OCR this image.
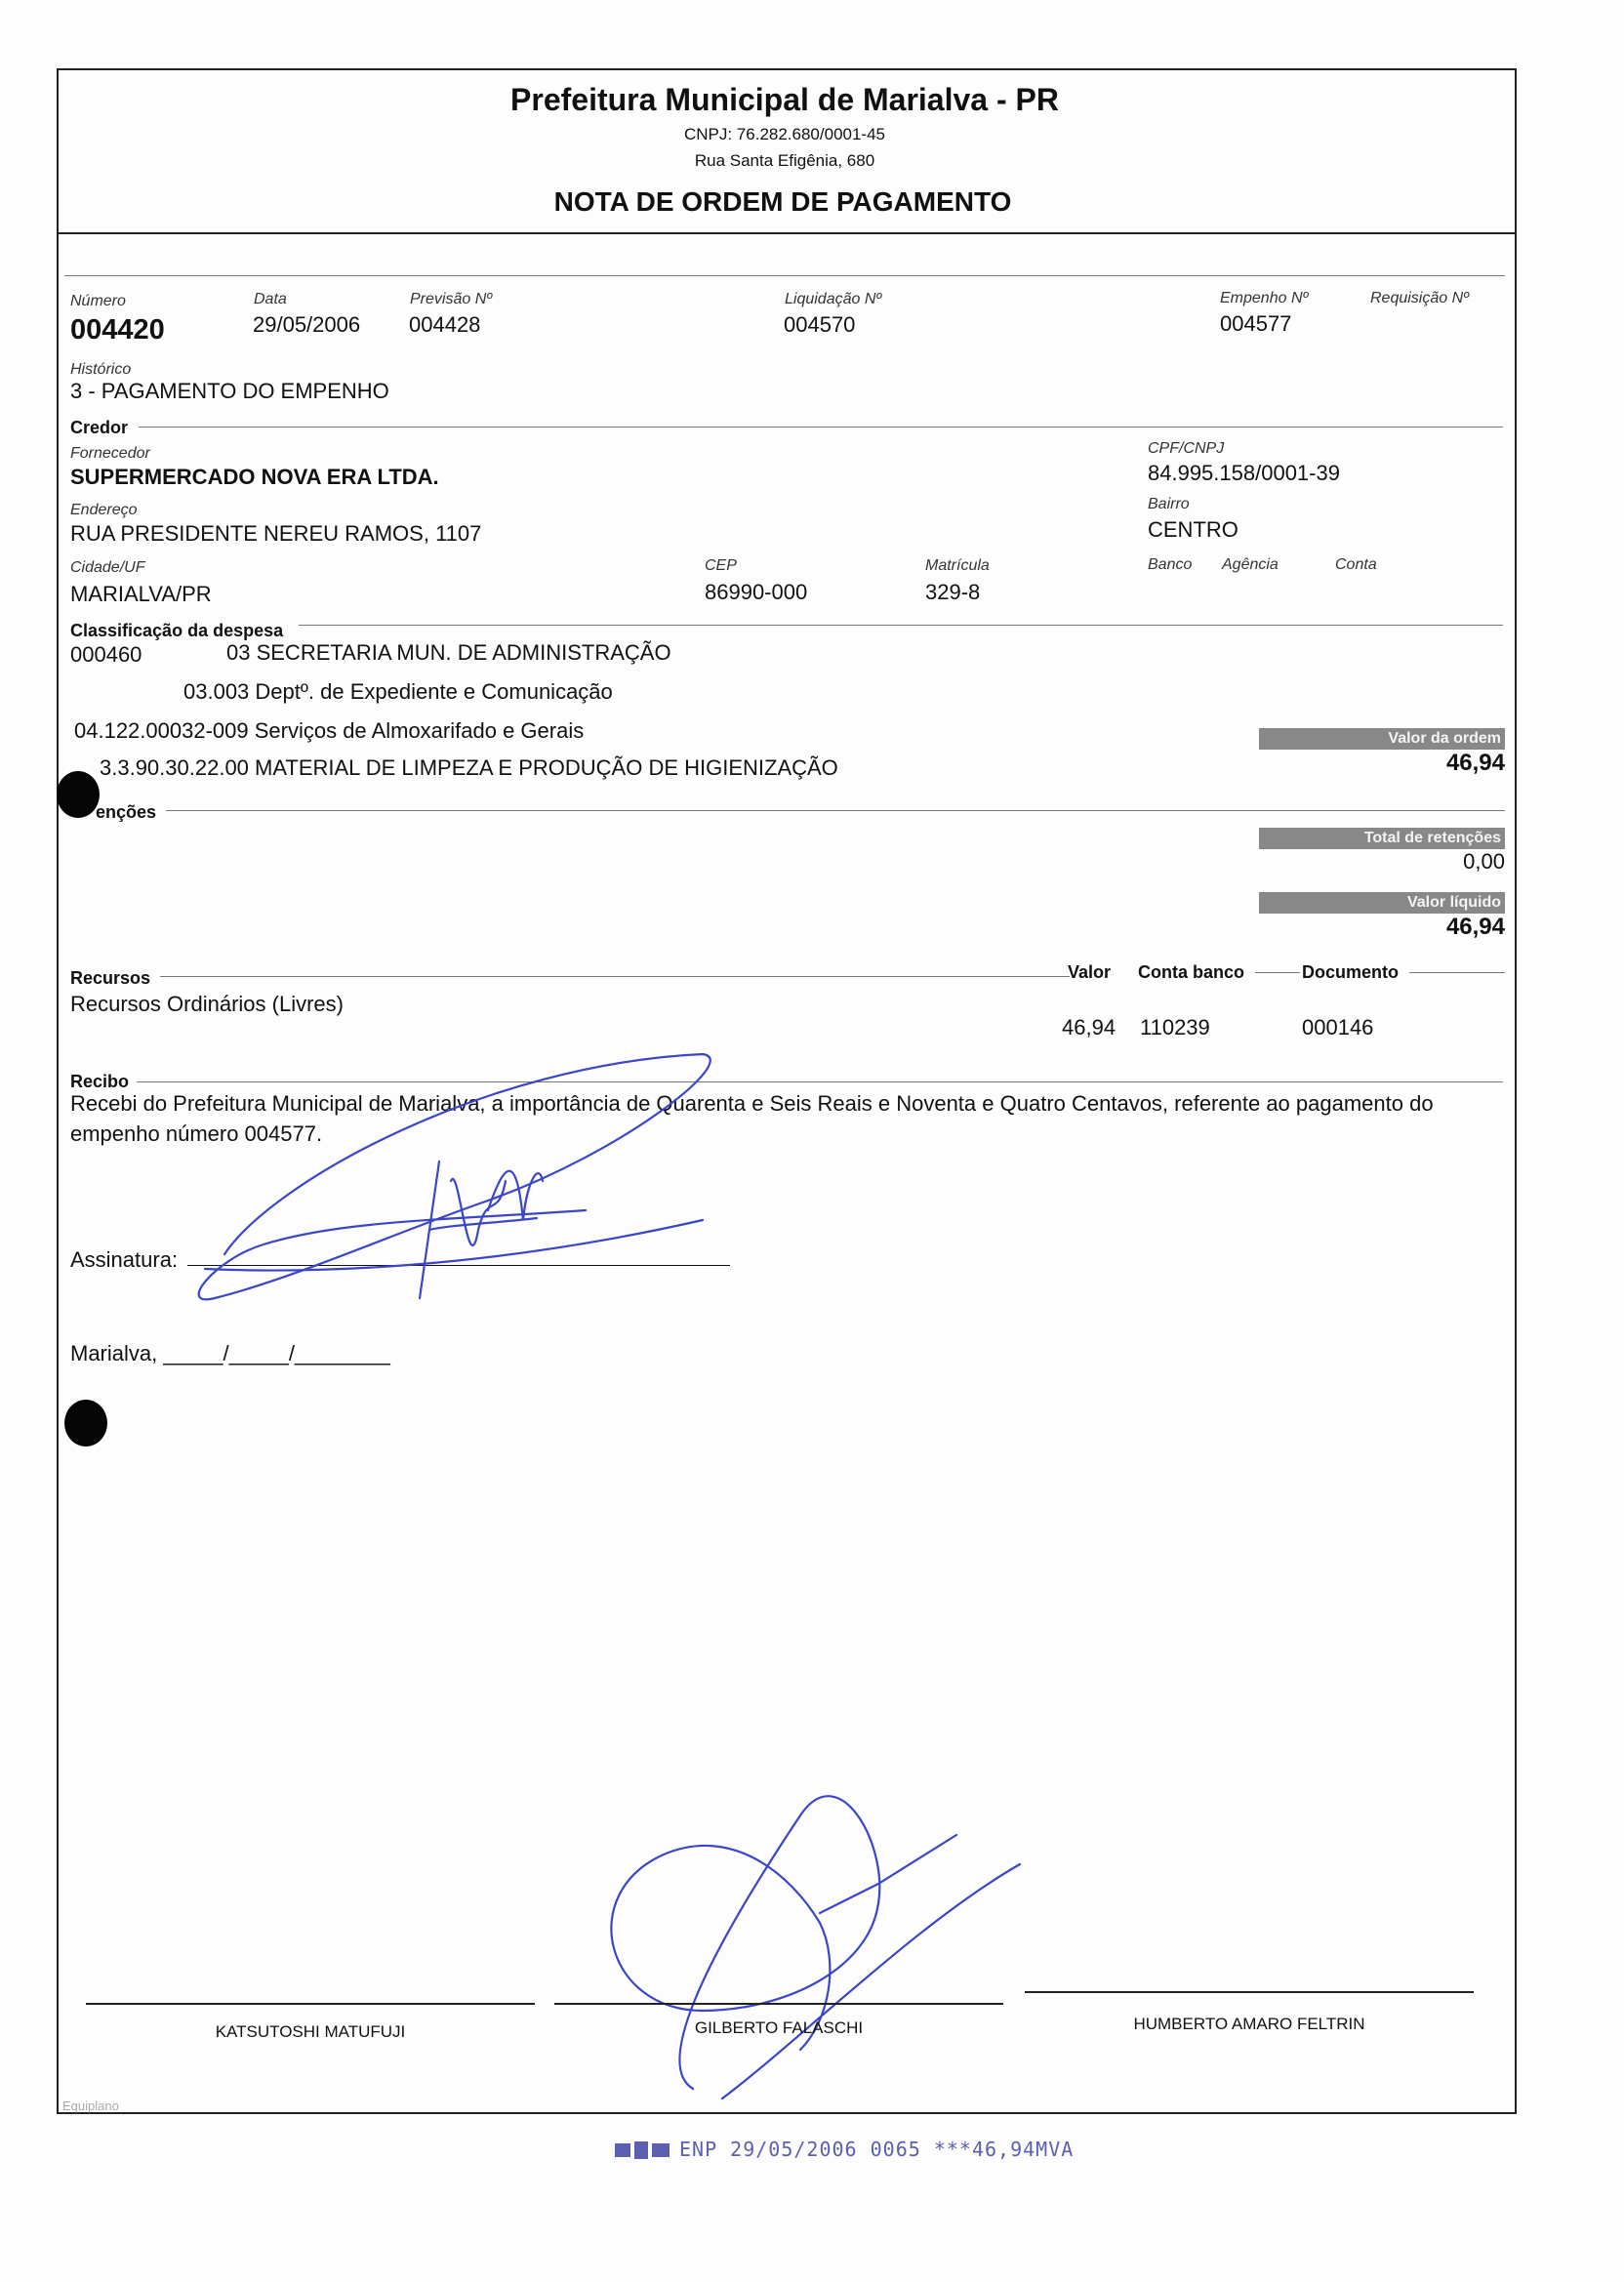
Prefeitura Municipal de Marialva - PR
CNPJ: 76.282.680/0001-45
Rua Santa Efigênia, 680
NOTA DE ORDEM DE PAGAMENTO
Número
004420
Data
29/05/2006
Previsão Nº
004428
Liquidação Nº
004570
Empenho Nº
004577
Requisição Nº
Histórico
3 - PAGAMENTO DO EMPENHO
Credor
Fornecedor
SUPERMERCADO NOVA ERA LTDA.
CPF/CNPJ
84.995.158/0001-39
Endereço
RUA PRESIDENTE NEREU RAMOS, 1107
Bairro
CENTRO
Cidade/UF
MARIALVA/PR
CEP
86990-000
Matrícula
329-8
Banco Agência	Conta
Classificação da despesa
000460	03 SECRETARIA MUN. DE ADMINISTRAÇÃO
03.003 Deptº. de Expediente e Comunicação
04.122.00032-009 Serviços de Almoxarifado e Gerais
3.3.90.30.22.00 MATERIAL DE LIMPEZA E PRODUÇÃO DE HIGIENIZAÇÃO
Valor da ordem
46,94
enções
Total de retenções
0,00
Valor líquido
46,94
Recursos	Valor Conta banco	Documento
Recursos Ordinários (Livres)
46,94 110239	000146
Recibo
Recebi do Prefeitura Municipal de Marialva, a importância de Quarenta e Seis Reais e Noventa e Quatro Centavos, referente ao pagamento do
empenho número 004577.
Assinatura:
Marialva, _____/_____/________
KATSUTOSHI MATUFUJI	GILBERTO FALASCHI	HUMBERTO AMARO FELTRIN
Equiplano
ENP 29/05/2006 0065 ***46,94MVA
